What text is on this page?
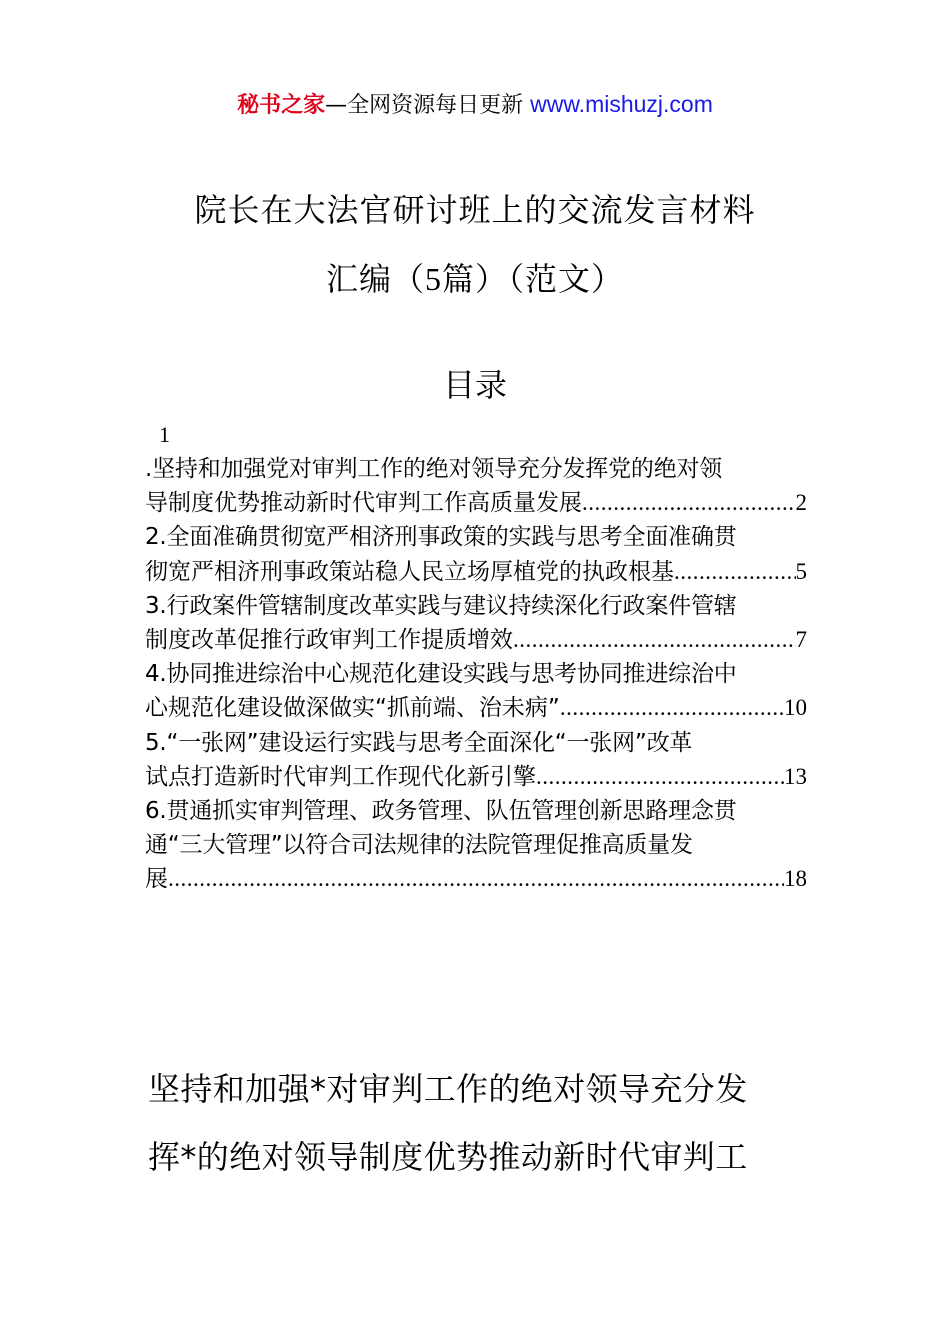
秘书之家—全网资源每日更新 www.mishuzj.com
院长在大法官研讨班上的交流发言材料
汇编（5篇）（范文）
目录
1
.坚持和加强党对审判工作的绝对领导充分发挥党的绝对领
导制度优势推动新时代审判工作高质量发展 .....	2
2.全面准确贯彻宽严相济刑事政策的实践与思考全面准确贯
彻宽严相济刑事政策站稳人民立场厚植党的执政根基 .....	5
3.行政案件管辖制度改革实践与建议持续深化行政案件管辖
制度改革促推行政审判工作提质增效 .....	7
4.协同推进综治中心规范化建设实践与思考协同推进综治中
心规范化建设做深做实“抓前端、治未病” .....	10
5.“一张网”建设运行实践与思考全面深化“一张网”改革
试点打造新时代审判工作现代化新引擎 .....	13
6.贯通抓实审判管理、政务管理、队伍管理创新思路理念贯
通“三大管理”以符合司法规律的法院管理促推高质量发
展 .....	18
坚持和加强*对审判工作的绝对领导充分发
挥*的绝对领导制度优势推动新时代审判工
